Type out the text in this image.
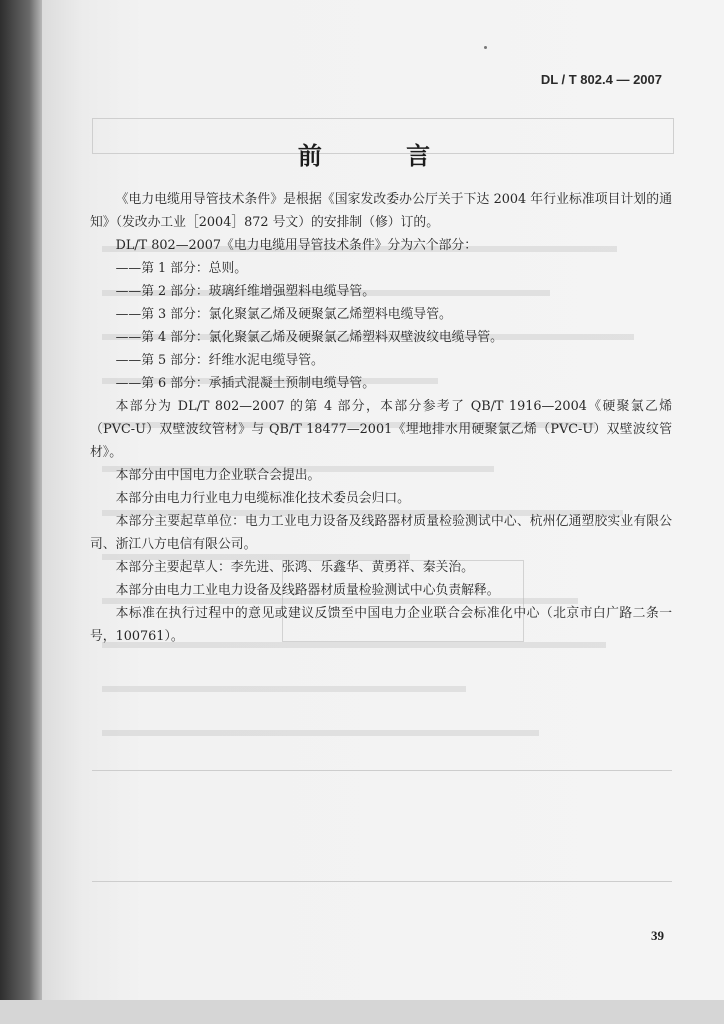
DL / T 802.4 — 2007
前 言

《电力电缆用导管技术条件》是根据《国家发改委办公厅关于下达 2004 年行业标准项目计划的通知》（发改办工业［2004］872 号文）的安排制（修）订的。

DL/T 802—2007《电力电缆用导管技术条件》分为六个部分：

——第 1 部分：总则。

——第 2 部分：玻璃纤维增强塑料电缆导管。

——第 3 部分：氯化聚氯乙烯及硬聚氯乙烯塑料电缆导管。

——第 4 部分：氯化聚氯乙烯及硬聚氯乙烯塑料双壁波纹电缆导管。

——第 5 部分：纤维水泥电缆导管。

——第 6 部分：承插式混凝土预制电缆导管。

本部分为 DL/T 802—2007 的第 4 部分，本部分参考了 QB/T 1916—2004《硬聚氯乙烯（PVC-U）双壁波纹管材》与 QB/T 18477—2001《埋地排水用硬聚氯乙烯（PVC-U）双壁波纹管材》。

本部分由中国电力企业联合会提出。

本部分由电力行业电力电缆标准化技术委员会归口。

本部分主要起草单位：电力工业电力设备及线路器材质量检验测试中心、杭州亿通塑胶实业有限公司、浙江八方电信有限公司。

本部分主要起草人：李先进、张鸿、乐鑫华、黄勇祥、秦关治。

本部分由电力工业电力设备及线路器材质量检验测试中心负责解释。

本标准在执行过程中的意见或建议反馈至中国电力企业联合会标准化中心（北京市白广路二条一号，100761）。

39
